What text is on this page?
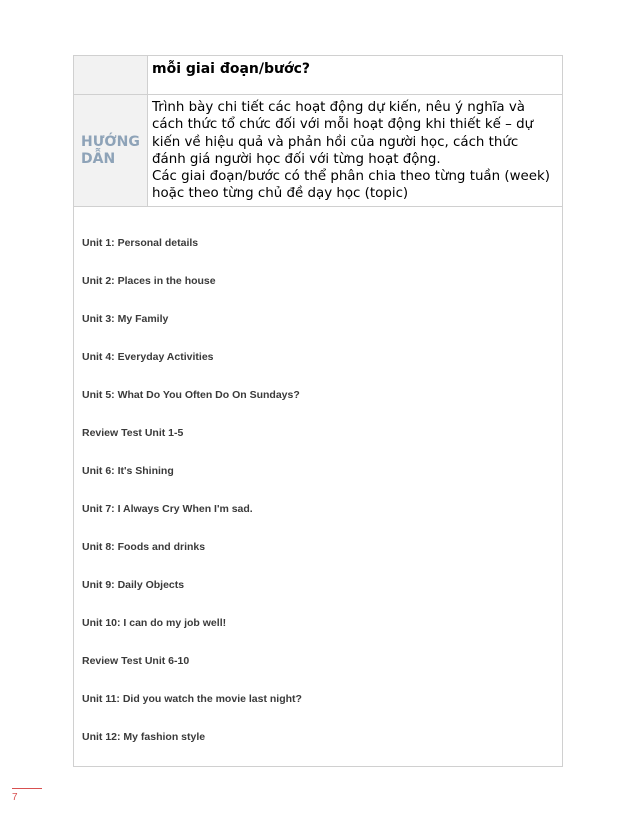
mỗi giai đoạn/bước?

HƯỚNG
DẪN

Trình bày chi tiết các hoạt động dự kiến, nêu ý nghĩa và cách thức tổ chức đối với mỗi hoạt động khi thiết kế – dự kiến về hiệu quả và phản hồi của người học, cách thức đánh giá người học đối với từng hoạt động.

Các giai đoạn/bước có thể phân chia theo từng tuần (week) hoặc theo từng chủ đề dạy học (topic)

Unit 1: Personal details
Unit 2: Places in the house
Unit 3: My Family
Unit 4: Everyday Activities
Unit 5: What Do You Often Do On Sundays?
Review Test Unit 1-5
Unit 6: It's Shining
Unit 7: I Always Cry When I'm sad.
Unit 8: Foods and drinks
Unit 9: Daily Objects
Unit 10: I can do my job well!
Review Test Unit 6-10
Unit 11: Did you watch the movie last night?
Unit 12: My fashion style
7
